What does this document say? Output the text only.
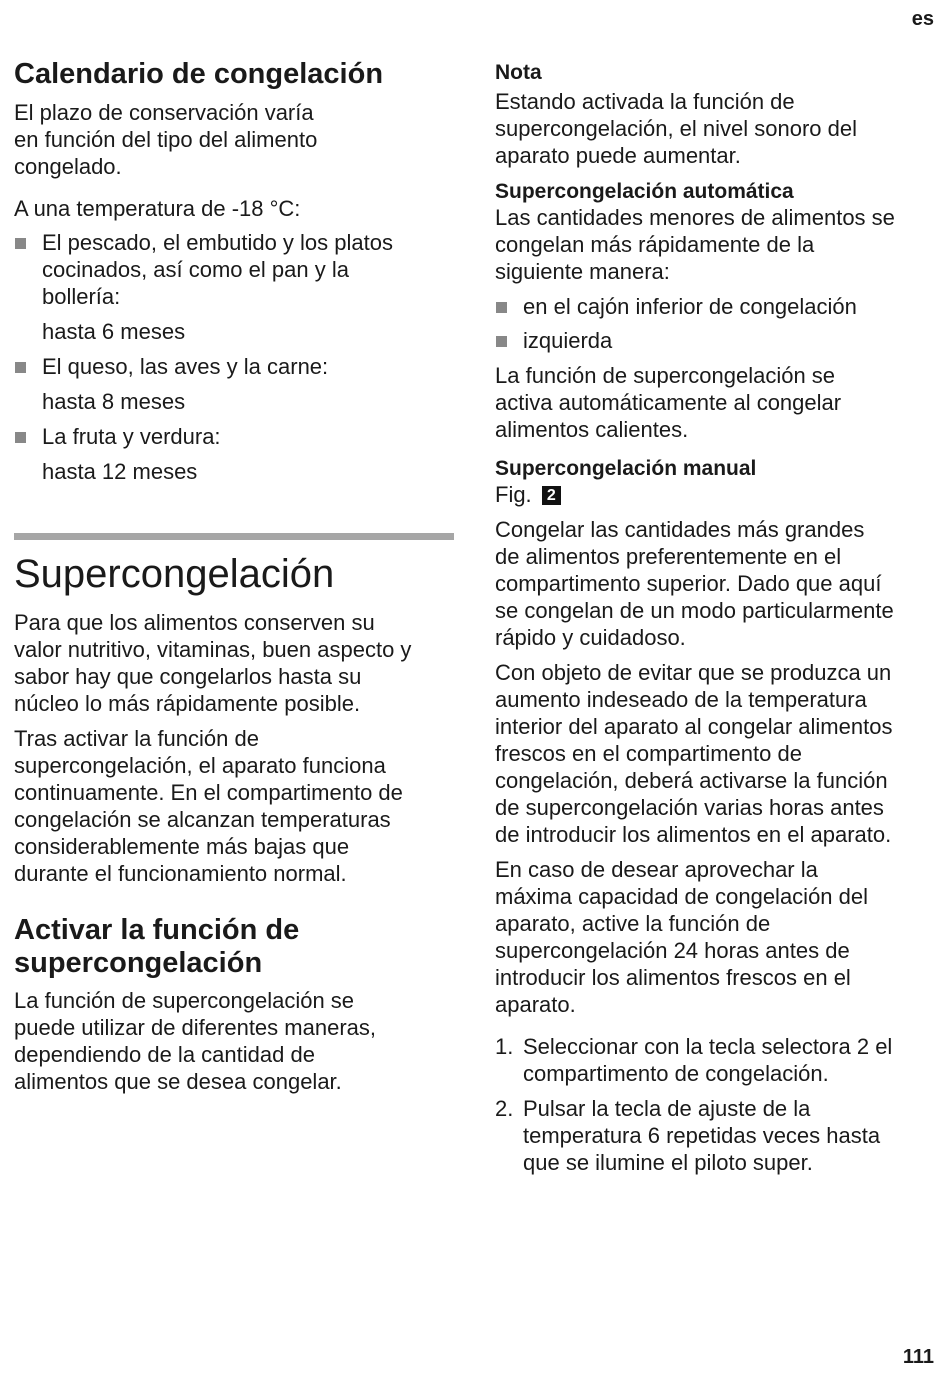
es
Calendario de congelación

El plazo de conservación varía

en función del tipo del alimento

congelado.

A una temperatura de -18 °C:

El pescado, el embutido y los platos
cocinados, así como el pan y la
bollería:
hasta 6 meses
El queso, las aves y la carne:
hasta 8 meses
La fruta y verdura:
hasta 12 meses
Supercongelación

Para que los alimentos conserven su

valor nutritivo, vitaminas, buen aspecto y

sabor hay que congelarlos hasta su

núcleo lo más rápidamente posible.

Tras activar la función de

supercongelación, el aparato funciona

continuamente. En el compartimento de

congelación se alcanzan temperaturas

considerablemente más bajas que

durante el funcionamiento normal.

Activar la función de
supercongelación

La función de supercongelación se

puede utilizar de diferentes maneras,

dependiendo de la cantidad de

alimentos que se desea congelar.

Nota

Estando activada la función de

supercongelación, el nivel sonoro del

aparato puede aumentar.

Supercongelación automática

Las cantidades menores de alimentos se

congelan más rápidamente de la

siguiente manera:

en el cajón inferior de congelación
izquierda

La función de supercongelación se

activa automáticamente al congelar

alimentos calientes.

Supercongelación manual

Fig. 2

Congelar las cantidades más grandes

de alimentos preferentemente en el

compartimento superior. Dado que aquí

se congelan de un modo particularmente

rápido y cuidadoso.

Con objeto de evitar que se produzca un

aumento indeseado de la temperatura

interior del aparato al congelar alimentos

frescos en el compartimento de

congelación, deberá activarse la función

de supercongelación varias horas antes

de introducir los alimentos en el aparato.

En caso de desear aprovechar la

máxima capacidad de congelación del

aparato, active la función de

supercongelación 24 horas antes de

introducir los alimentos frescos en el

aparato.

1. Seleccionar con la tecla selectora 2 el
compartimento de congelación.
2. Pulsar la tecla de ajuste de la
temperatura 6 repetidas veces hasta
que se ilumine el piloto super.
111
